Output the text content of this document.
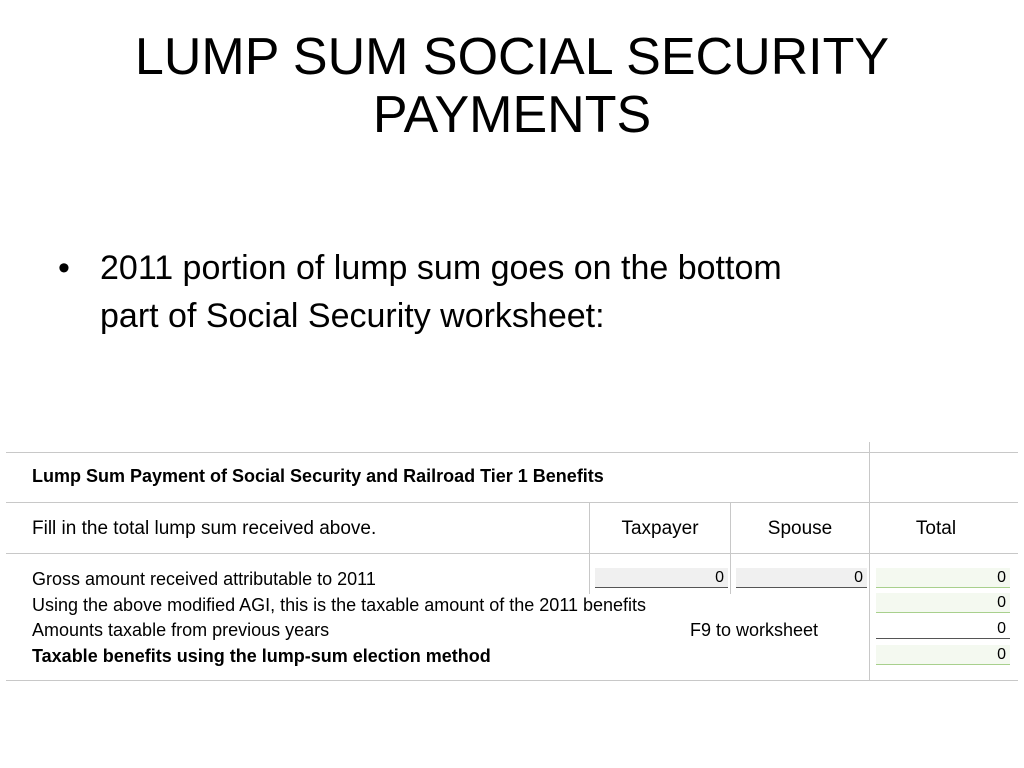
LUMP SUM SOCIAL SECURITY
PAYMENTS
• 2011 portion of lump sum goes on the bottom
part of Social Security worksheet:
Lump Sum Payment of Social Security and Railroad Tier 1 Benefits
Fill in the total lump sum received above.	Taxpayer	Spouse	Total
Gross amount received attributable to 2011	0	0	0
Using the above modified AGI, this is the taxable amount of the 2011 benefits	0
Amounts taxable from previous years	F9 to worksheet	0
Taxable benefits using the lump-sum election method	0
